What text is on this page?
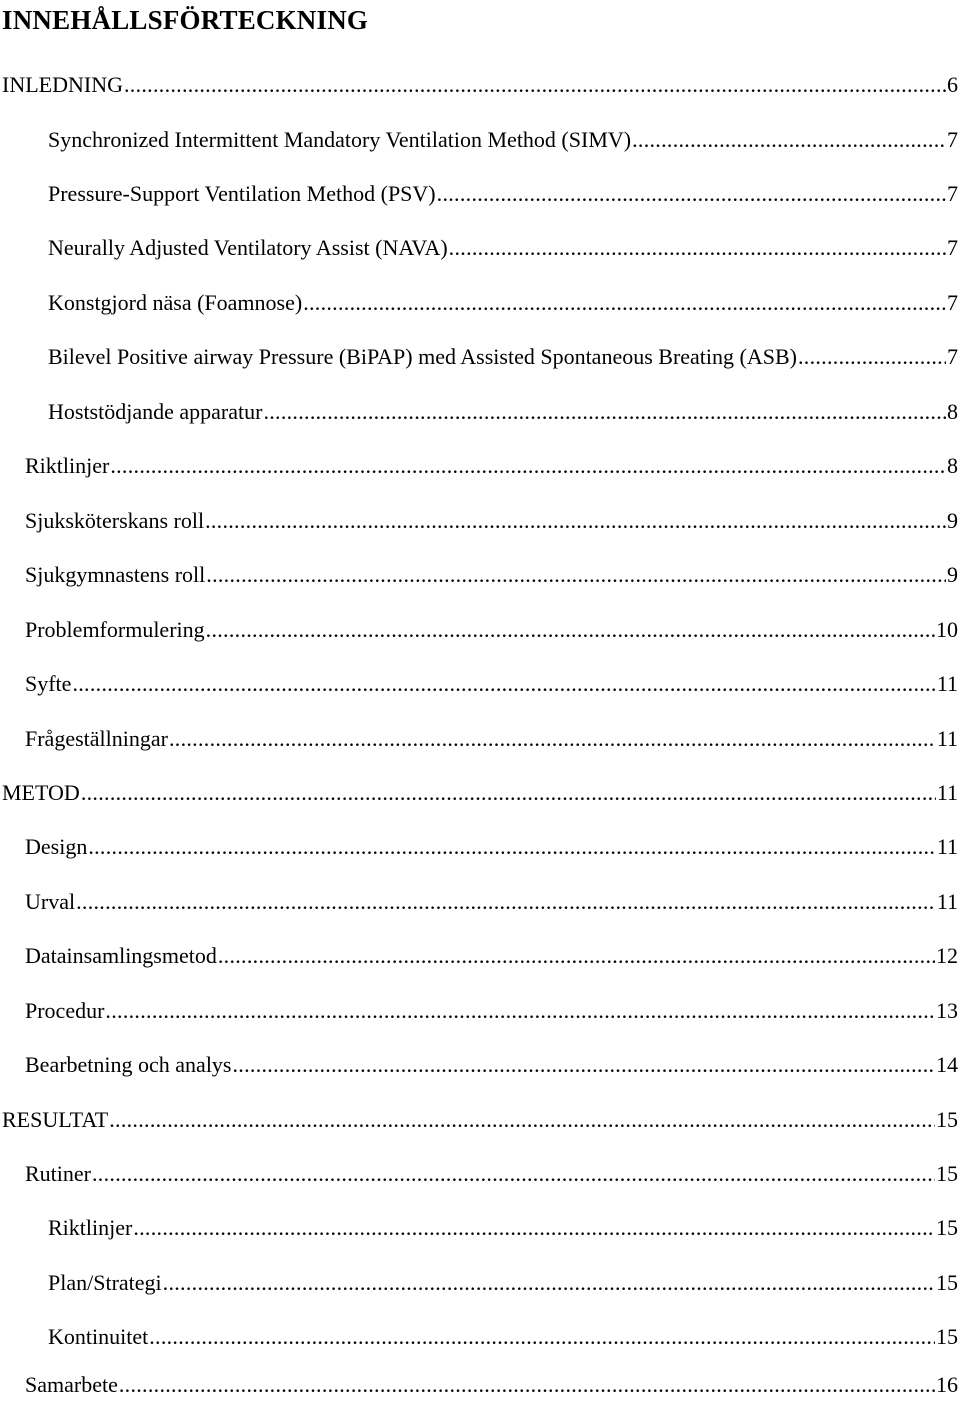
INNEHÅLLSFÖRTECKNING
INLEDNING .....	6
Synchronized Intermittent Mandatory Ventilation Method (SIMV) .....	7
Pressure-Support Ventilation Method (PSV) .....	7
Neurally Adjusted Ventilatory Assist (NAVA) .....	7
Konstgjord näsa (Foamnose) .....	7
Bilevel Positive airway Pressure (BiPAP) med Assisted Spontaneous Breating (ASB) .....	7
Hoststödjande apparatur .....	8
Riktlinjer .....	8
Sjuksköterskans roll .....	9
Sjukgymnastens roll .....	9
Problemformulering .....	10
Syfte .....	11
Frågeställningar .....	11
METOD .....	11
Design .....	11
Urval .....	11
Datainsamlingsmetod .....	12
Procedur .....	13
Bearbetning och analys .....	14
RESULTAT .....	15
Rutiner .....	15
Riktlinjer .....	15
Plan/Strategi .....	15
Kontinuitet .....	15
Samarbete .....	16
